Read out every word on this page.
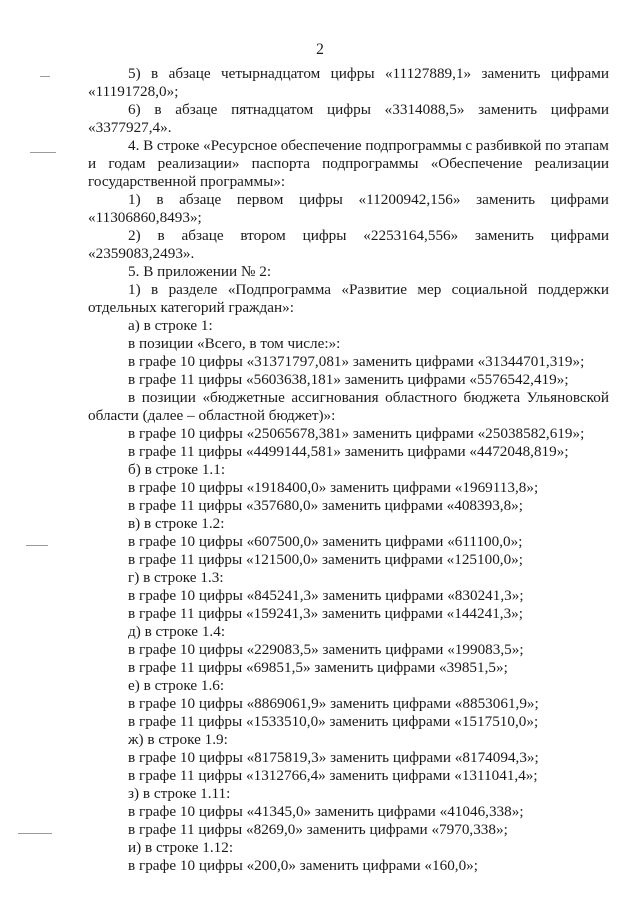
2
5) в абзаце четырнадцатом цифры «11127889,1» заменить цифрами
«11191728,0»;
6) в абзаце пятнадцатом цифры «3314088,5» заменить цифрами
«3377927,4».
4. В строке «Ресурсное обеспечение подпрограммы с разбивкой по этапам
и годам реализации» паспорта подпрограммы «Обеспечение реализации
государственной программы»:
1) в абзаце первом цифры «11200942,156» заменить цифрами
«11306860,8493»;
2) в абзаце втором цифры «2253164,556» заменить цифрами
«2359083,2493».
5. В приложении № 2:
1) в разделе «Подпрограмма «Развитие мер социальной поддержки
отдельных категорий граждан»:
а) в строке 1:
в позиции «Всего, в том числе:»:
в графе 10 цифры «31371797,081» заменить цифрами «31344701,319»;
в графе 11 цифры «5603638,181» заменить цифрами «5576542,419»;
в позиции «бюджетные ассигнования областного бюджета Ульяновской
области (далее – областной бюджет)»:
в графе 10 цифры «25065678,381» заменить цифрами «25038582,619»;
в графе 11 цифры «4499144,581» заменить цифрами «4472048,819»;
б) в строке 1.1:
в графе 10 цифры «1918400,0» заменить цифрами «1969113,8»;
в графе 11 цифры «357680,0» заменить цифрами «408393,8»;
в) в строке 1.2:
в графе 10 цифры «607500,0» заменить цифрами «611100,0»;
в графе 11 цифры «121500,0» заменить цифрами «125100,0»;
г) в строке 1.3:
в графе 10 цифры «845241,3» заменить цифрами «830241,3»;
в графе 11 цифры «159241,3» заменить цифрами «144241,3»;
д) в строке 1.4:
в графе 10 цифры «229083,5» заменить цифрами «199083,5»;
в графе 11 цифры «69851,5» заменить цифрами «39851,5»;
е) в строке 1.6:
в графе 10 цифры «8869061,9» заменить цифрами «8853061,9»;
в графе 11 цифры «1533510,0» заменить цифрами «1517510,0»;
ж) в строке 1.9:
в графе 10 цифры «8175819,3» заменить цифрами «8174094,3»;
в графе 11 цифры «1312766,4» заменить цифрами «1311041,4»;
з) в строке 1.11:
в графе 10 цифры «41345,0» заменить цифрами «41046,338»;
в графе 11 цифры «8269,0» заменить цифрами «7970,338»;
и) в строке 1.12:
в графе 10 цифры «200,0» заменить цифрами «160,0»;
